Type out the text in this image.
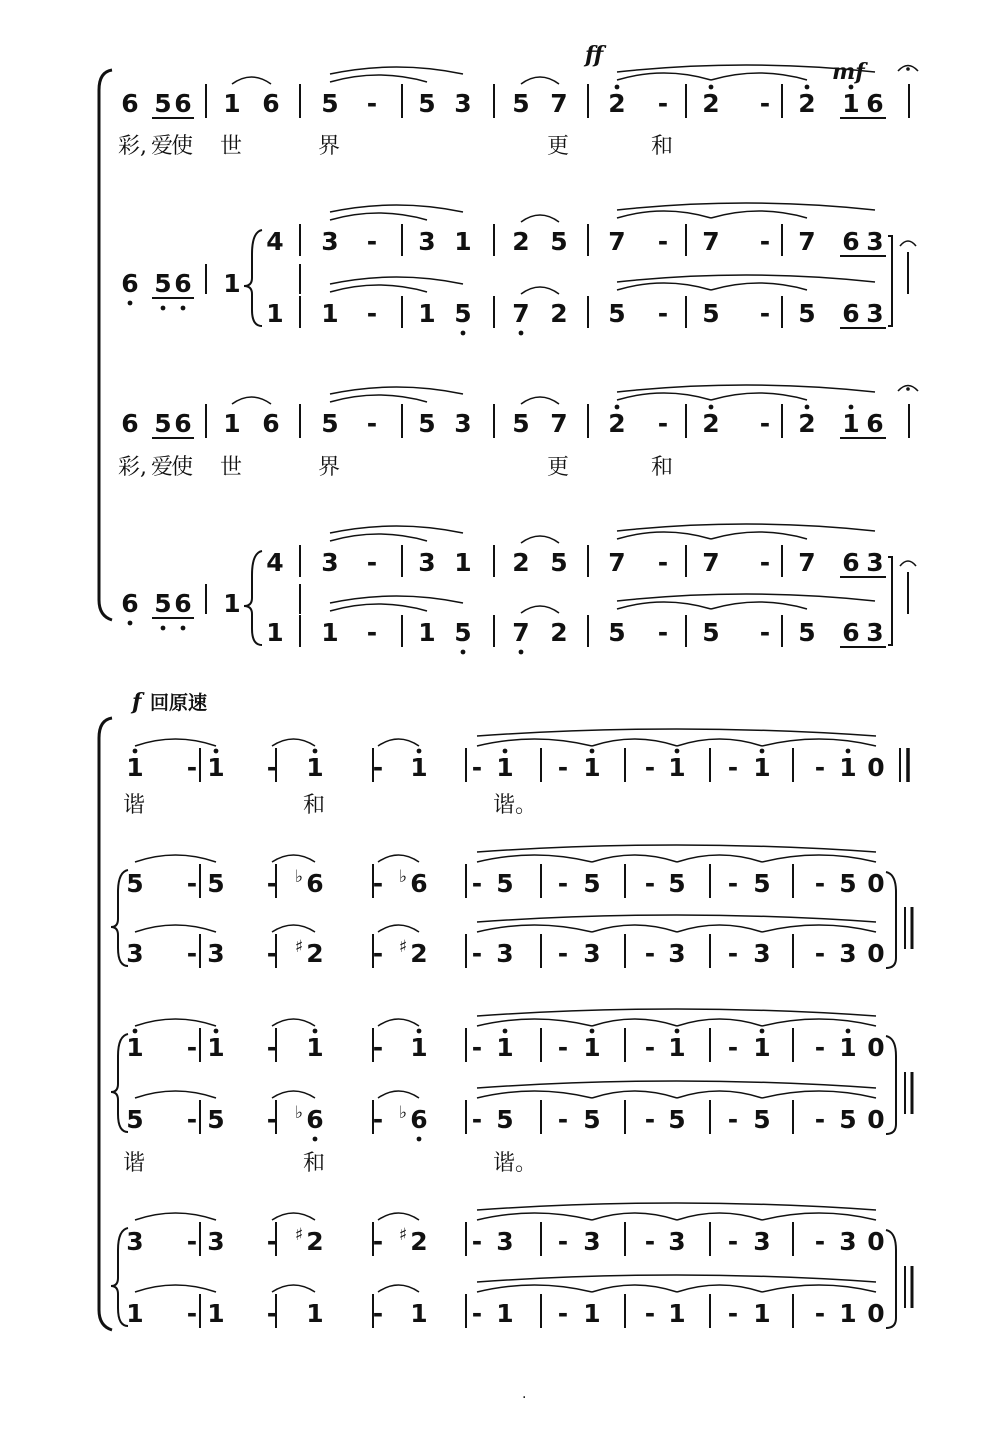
6 5 6 1 6 5 - 5 3 5 7 2 - 2 - 2 1 6
彩, 爱
使 世	界	更	和
ff
mf
6 5 6 1
4 3 - 3 1 2 5 7 - 7 - 7 6 3
1 1 - 1 5 7 2 5 - 5 - 5 6 3
6 5 6 1 6 5 - 5 3 5 7 2 - 2 - 2 1 6
彩, 爱
使 世	界	更	和
6 5 6 1
4 3 - 3 1 2 5 7 - 7 - 7 6 3
1 1 - 1 5 7 2 5 - 5 - 5 6 3
f 回原速
1 - 1 - 1 - 1 - 1 - 1 - 1 - 1 - 1 0
谐	和	谐。
5 - 5 - 6
♭	- 6
♭	- 5 - 5 - 5 - 5 - 5 0
3 - 3 - 2
♯	- 2
♯	- 3 - 3 - 3 - 3 - 3 0
1 - 1 - 1 - 1 - 1 - 1 - 1 - 1 - 1 0
5 - 5 - 6
♭	- 6
♭	- 5 - 5 - 5 - 5 - 5 0
谐	和	谐。
3 - 3 - 2
♯	- 2
♯	- 3 - 3 - 3 - 3 - 3 0
1 - 1 - 1 - 1 - 1 - 1 - 1 - 1 - 1 0
·
